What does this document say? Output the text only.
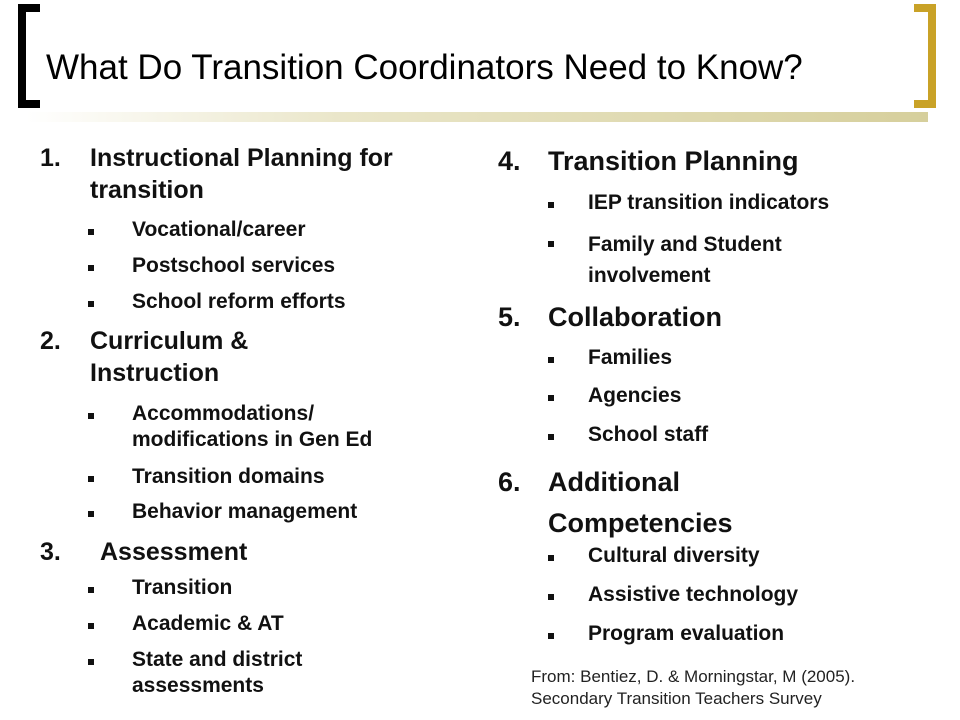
What Do Transition Coordinators Need to Know?
1.	Instructional Planning for transition
Vocational/career
Postschool services
School reform efforts
2.	Curriculum & Instruction
Accommodations/ modifications in Gen Ed
Transition domains
Behavior management
3.	Assessment
Transition
Academic & AT
State and district assessments
4.	Transition Planning
IEP transition indicators
Family and Student involvement
5.	Collaboration
Families
Agencies
School staff
6.	Additional Competencies
Cultural diversity
Assistive technology
Program evaluation
From: Bentiez, D. & Morningstar, M (2005).
Secondary Transition Teachers Survey
